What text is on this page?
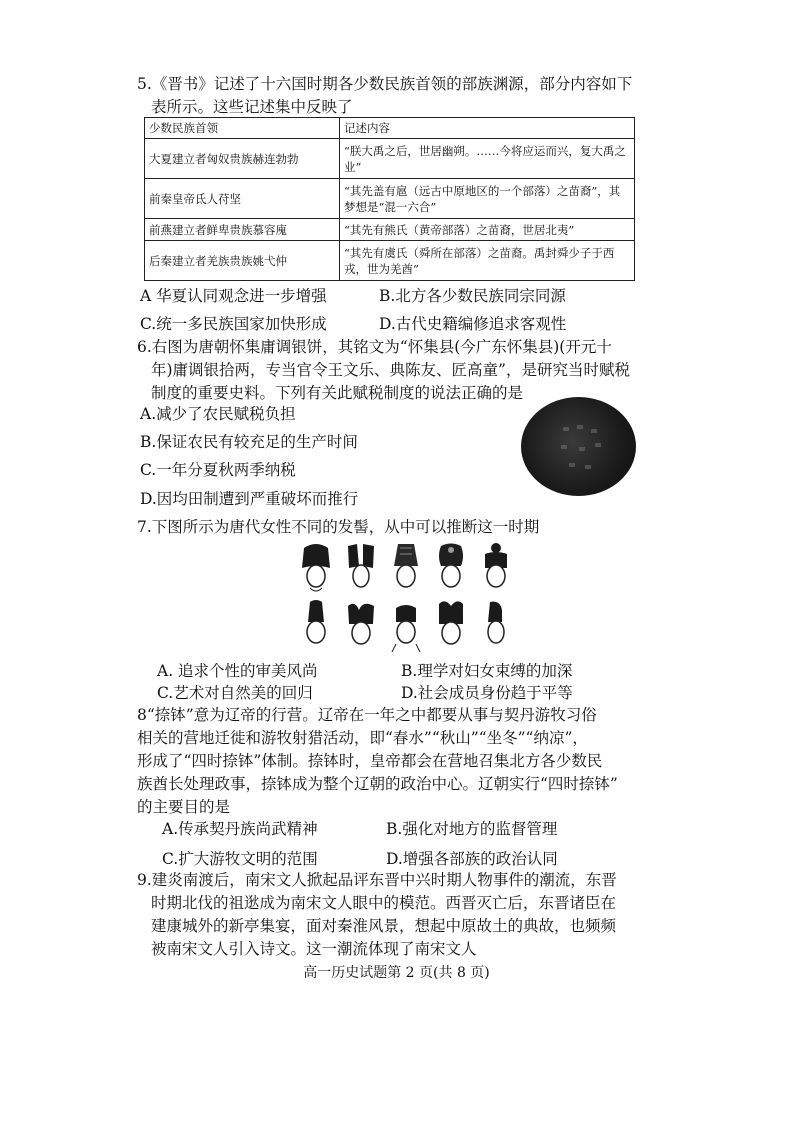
5.《晋书》记述了十六国时期各少数民族首领的部族渊源，部分内容如下

表所示。这些记述集中反映了

少数民族首领	记述内容
大夏建立者匈奴贵族赫连勃勃	“朕大禹之后，世居幽朔。……今将应运而兴，复大禹之业”
前秦皇帝氐人苻坚	“其先盖有扈（远古中原地区的一个部落）之苗裔”，其梦想是“混一六合”
前燕建立者鲜卑贵族慕容廆	“其先有熊氏（黄帝部落）之苗裔，世居北夷”
后秦建立者羌族贵族姚弋仲	“其先有虞氏（舜所在部落）之苗裔。禹封舜少子于西戎，世为羌酋”
A 华夏认同观念进一步增强	B.北方各少数民族同宗同源
C.统一多民族国家加快形成	D.古代史籍编修追求客观性

6.右图为唐朝怀集庸调银饼，其铭文为“怀集县(今广东怀集县)(开元十

年)庸调银拾两，专当官令王文乐、典陈友、匠高童”，是研究当时赋税

制度的重要史料。下列有关此赋税制度的说法正确的是

A.减少了农民赋税负担
B.保证农民有较充足的生产时间
C.一年分夏秋两季纳税
D.因均田制遭到严重破坏而推行

7.下图所示为唐代女性不同的发髻，从中可以推断这一时期

A. 追求个性的审美风尚	B.理学对妇女束缚的加深
C.艺术对自然美的回归	D.社会成员身份趋于平等

8“捺钵”意为辽帝的行营。辽帝在一年之中都要从事与契丹游牧习俗

相关的营地迁徙和游牧射猎活动，即“春水”“秋山”“坐冬”“纳凉”，

形成了“四时捺钵”体制。捺钵时，皇帝都会在营地召集北方各少数民

族酋长处理政事，捺钵成为整个辽朝的政治中心。辽朝实行“四时捺钵”

的主要目的是

A.传承契丹族尚武精神	B.强化对地方的监督管理
C.扩大游牧文明的范围	D.增强各部族的政治认同

9.建炎南渡后，南宋文人掀起品评东晋中兴时期人物事件的潮流，东晋

时期北伐的祖逖成为南宋文人眼中的模范。西晋灭亡后，东晋诸臣在

建康城外的新亭集宴，面对秦淮风景，想起中原故土的典故，也频频

被南宋文人引入诗文。这一潮流体现了南宋文人

高一历史试题第 2 页(共 8 页)
